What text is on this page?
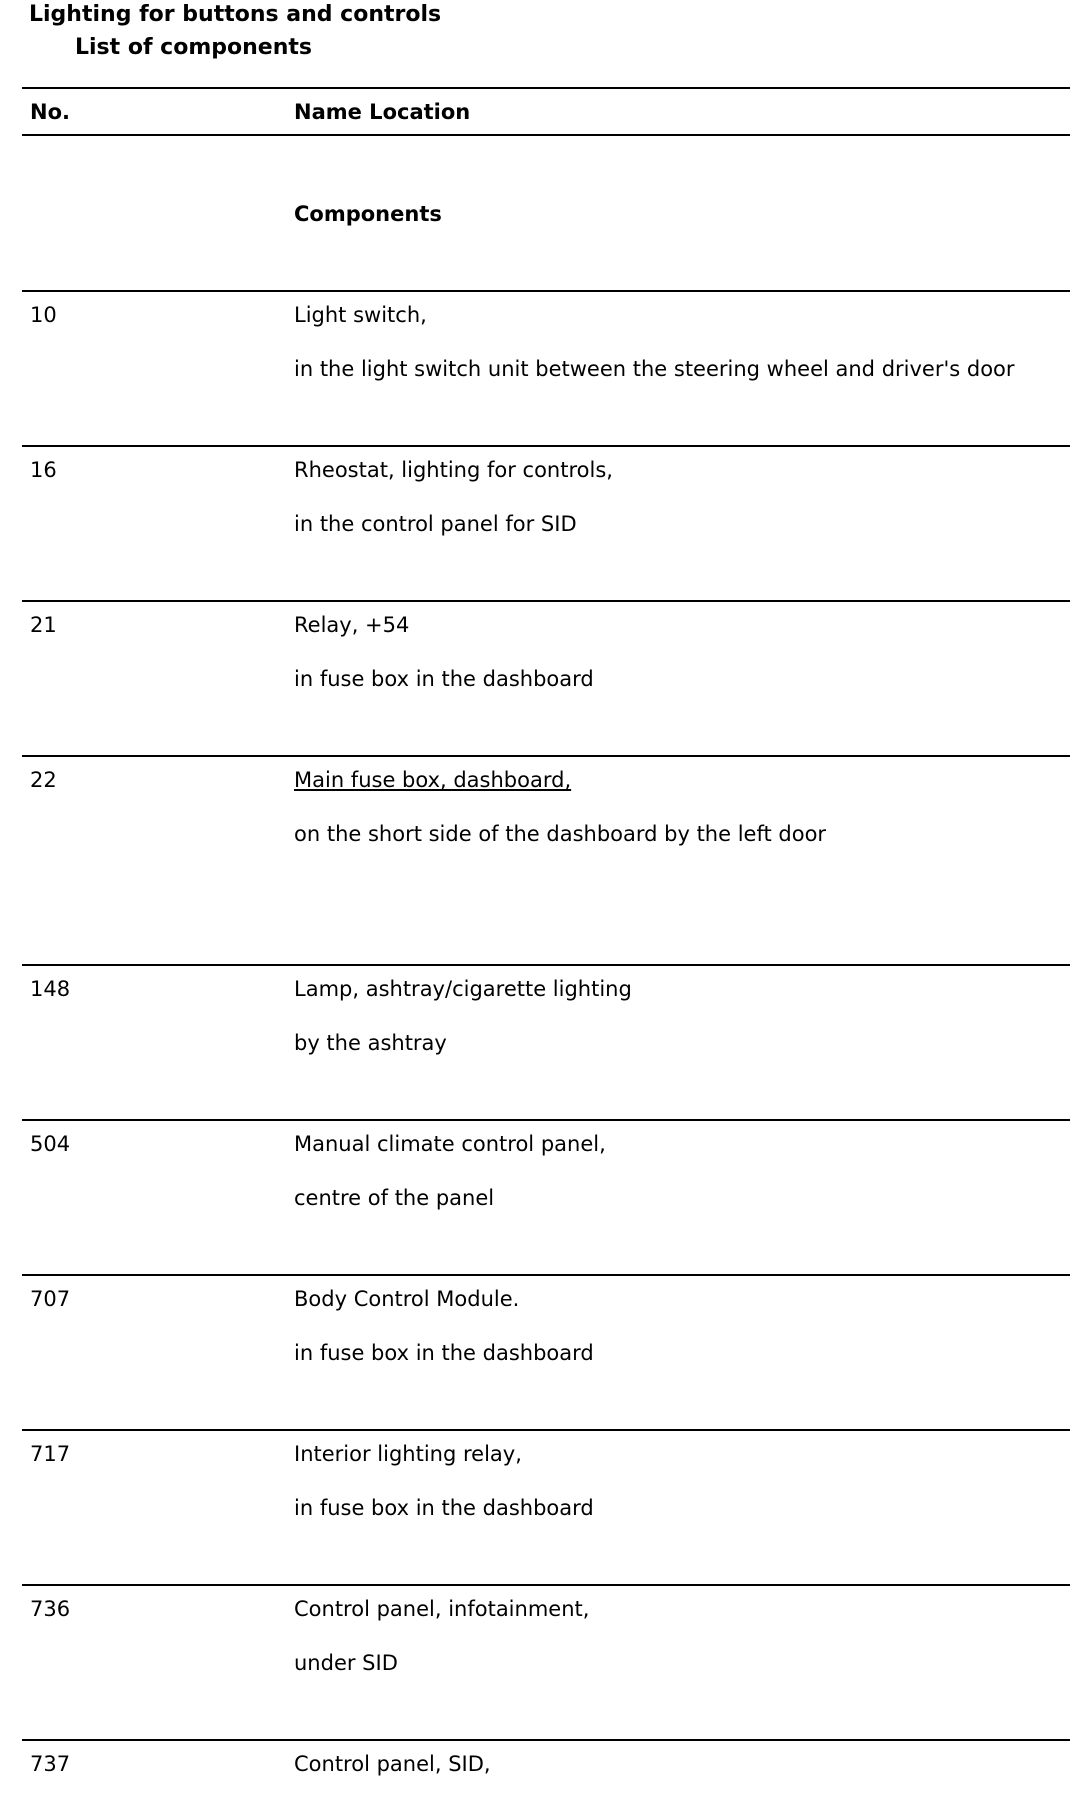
Lighting for buttons and controls
List of components
No.	Name Location
Components
10	Light switch,
in the light switch unit between the steering wheel and driver's door
16	Rheostat, lighting for controls,
in the control panel for SID
21	Relay, +54
in fuse box in the dashboard
22	Main fuse box, dashboard,
on the short side of the dashboard by the left door
148	Lamp, ashtray/cigarette lighting
by the ashtray
504	Manual climate control panel,
centre of the panel
707	Body Control Module.
in fuse box in the dashboard
717	Interior lighting relay,
in fuse box in the dashboard
736	Control panel, infotainment,
under SID
737	Control panel, SID,
